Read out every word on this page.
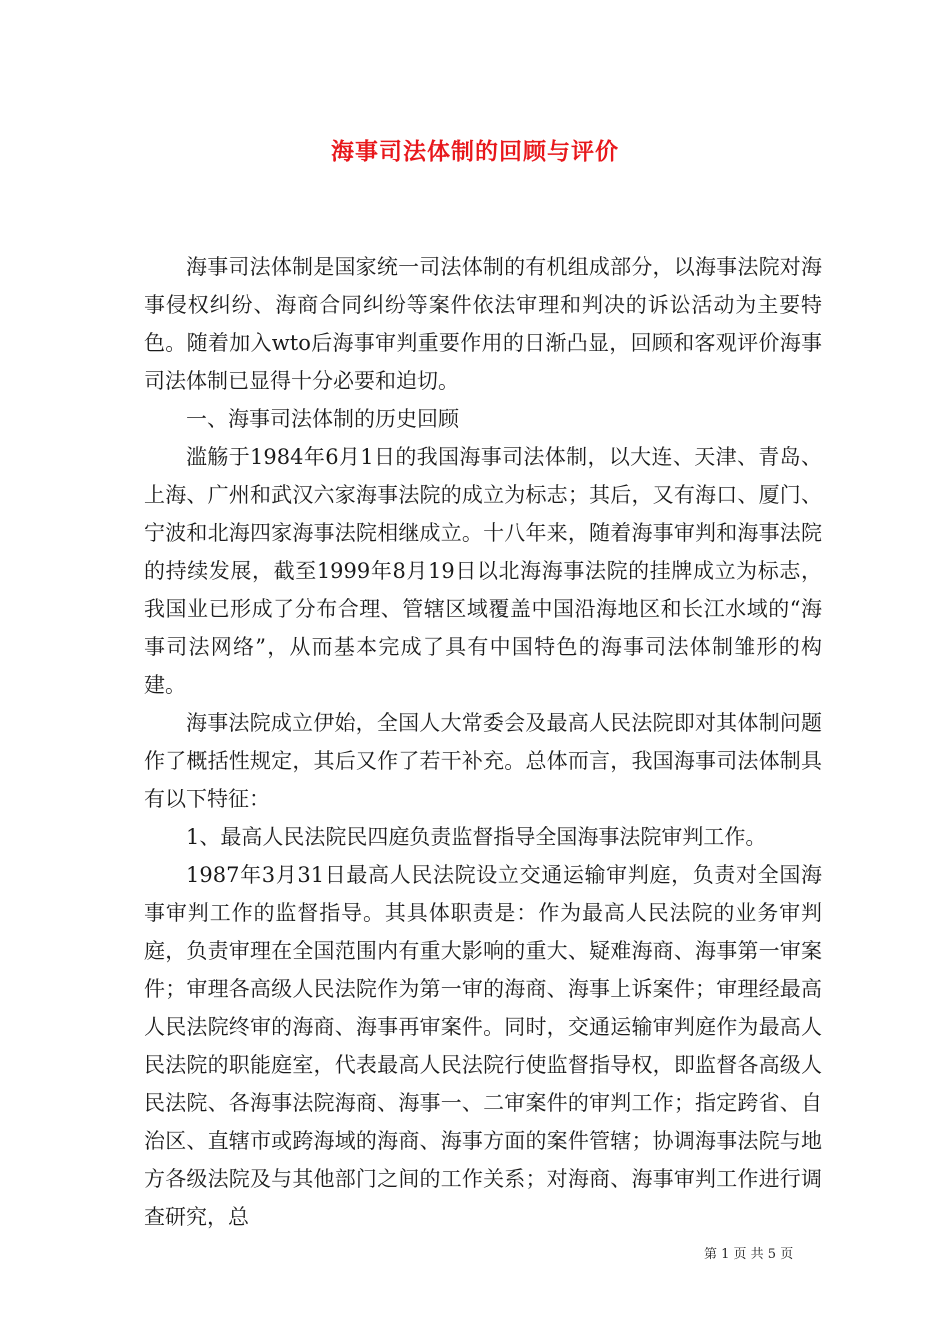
海事司法体制的回顾与评价

海事司法体制是国家统一司法体制的有机组成部分，以海事法院对海事侵权纠纷、海商合同纠纷等案件依法审理和判决的诉讼活动为主要特色。随着加入wto后海事审判重要作用的日渐凸显，回顾和客观评价海事司法体制已显得十分必要和迫切。

一、海事司法体制的历史回顾

滥觞于1984年6月1日的我国海事司法体制，以大连、天津、青岛、上海、广州和武汉六家海事法院的成立为标志；其后，又有海口、厦门、宁波和北海四家海事法院相继成立。十八年来，随着海事审判和海事法院的持续发展，截至1999年8月19日以北海海事法院的挂牌成立为标志，我国业已形成了分布合理、管辖区域覆盖中国沿海地区和长江水域的“海事司法网络”，从而基本完成了具有中国特色的海事司法体制雏形的构建。

海事法院成立伊始，全国人大常委会及最高人民法院即对其体制问题作了概括性规定，其后又作了若干补充。总体而言，我国海事司法体制具有以下特征：

1、最高人民法院民四庭负责监督指导全国海事法院审判工作。

1987年3月31日最高人民法院设立交通运输审判庭，负责对全国海事审判工作的监督指导。其具体职责是：作为最高人民法院的业务审判庭，负责审理在全国范围内有重大影响的重大、疑难海商、海事第一审案件；审理各高级人民法院作为第一审的海商、海事上诉案件；审理经最高人民法院终审的海商、海事再审案件。同时，交通运输审判庭作为最高人民法院的职能庭室，代表最高人民法院行使监督指导权，即监督各高级人民法院、各海事法院海商、海事一、二审案件的审判工作；指定跨省、自治区、直辖市或跨海域的海商、海事方面的案件管辖；协调海事法院与地方各级法院及与其他部门之间的工作关系；对海商、海事审判工作进行调查研究，总

第 1 页 共 5 页
